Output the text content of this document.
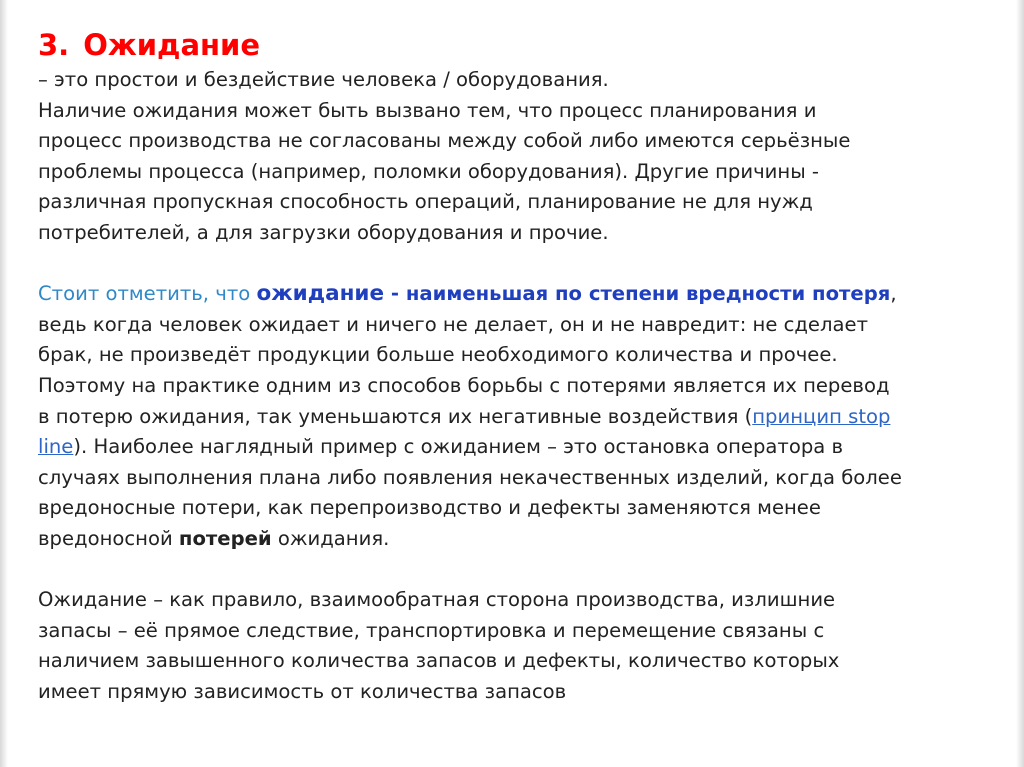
3. Ожидание
– это простои и бездействие человека / оборудования.
Наличие ожидания может быть вызвано тем, что процесс планирования и
процесс производства не согласованы между собой либо имеются серьёзные
проблемы процесса (например, поломки оборудования). Другие причины -
различная пропускная способность операций, планирование не для нужд
потребителей, а для загрузки оборудования и прочие.
Стоит отметить, что ожидание - наименьшая по степени вредности потеря,
ведь когда человек ожидает и ничего не делает, он и не навредит: не сделает
брак, не произведёт продукции больше необходимого количества и прочее.
Поэтому на практике одним из способов борьбы с потерями является их перевод
в потерю ожидания, так уменьшаются их негативные воздействия (принцип stop
line). Наиболее наглядный пример с ожиданием – это остановка оператора в
случаях выполнения плана либо появления некачественных изделий, когда более
вредоносные потери, как перепроизводство и дефекты заменяются менее
вредоносной потерей ожидания.
Ожидание – как правило, взаимообратная сторона производства, излишние
запасы – её прямое следствие, транспортировка и перемещение связаны с
наличием завышенного количества запасов и дефекты, количество которых
имеет прямую зависимость от количества запасов
